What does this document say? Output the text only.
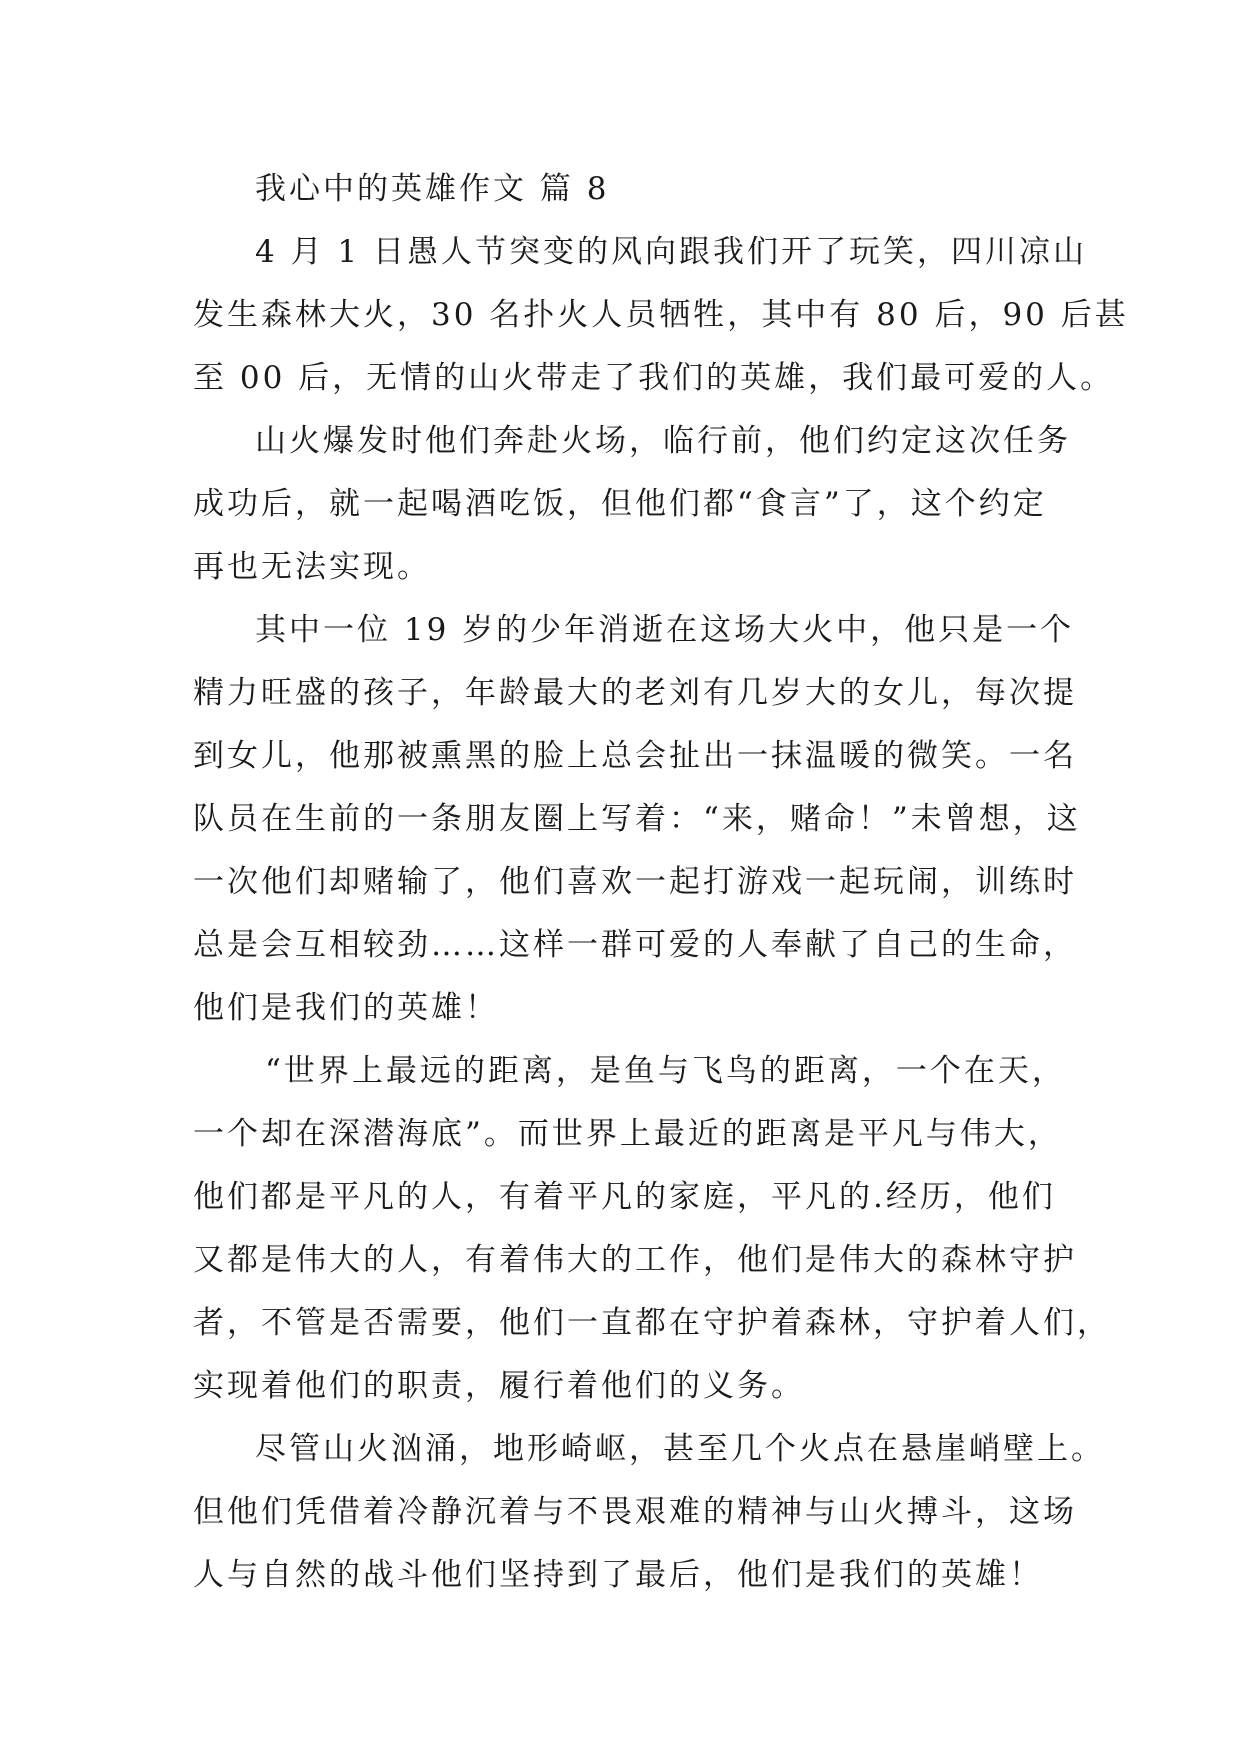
我心中的英雄作文 篇 8
4 月 1 日愚人节突变的风向跟我们开了玩笑，四川凉山
发生森林大火，30 名扑火人员牺牲，其中有 80 后，90 后甚
至 00 后，无情的山火带走了我们的英雄，我们最可爱的人。
山火爆发时他们奔赴火场，临行前，他们约定这次任务
成功后，就一起喝酒吃饭，但他们都“食言”了，这个约定
再也无法实现。
其中一位 19 岁的少年消逝在这场大火中，他只是一个
精力旺盛的孩子，年龄最大的老刘有几岁大的女儿，每次提
到女儿，他那被熏黑的脸上总会扯出一抹温暖的微笑。一名
队员在生前的一条朋友圈上写着：“来，赌命！”未曾想，这
一次他们却赌输了，他们喜欢一起打游戏一起玩闹，训练时
总是会互相较劲……这样一群可爱的人奉献了自己的生命，
他们是我们的英雄！
“世界上最远的距离，是鱼与飞鸟的距离，一个在天，
一个却在深潜海底”。而世界上最近的距离是平凡与伟大，
他们都是平凡的人，有着平凡的家庭，平凡的.经历，他们
又都是伟大的人，有着伟大的工作，他们是伟大的森林守护
者，不管是否需要，他们一直都在守护着森林，守护着人们，
实现着他们的职责，履行着他们的义务。
尽管山火汹涌，地形崎岖，甚至几个火点在悬崖峭壁上。
但他们凭借着冷静沉着与不畏艰难的精神与山火搏斗，这场
人与自然的战斗他们坚持到了最后，他们是我们的英雄！
